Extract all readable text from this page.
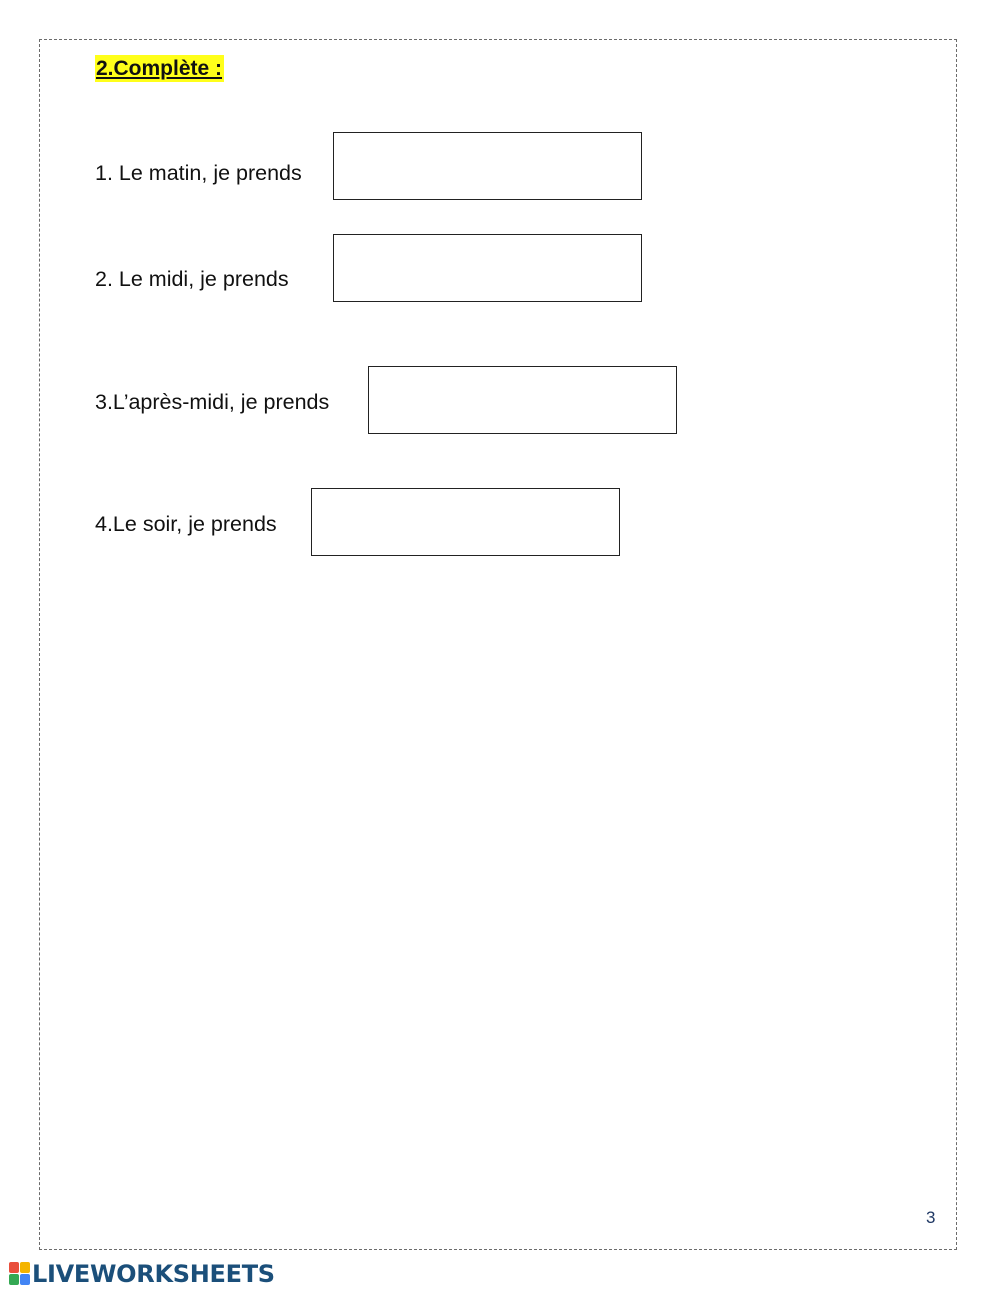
2.Complète :
1. Le matin, je prends
2. Le midi, je prends
3.L’après-midi, je prends
4.Le soir, je prends
3
LIVEWORKSHEETS
